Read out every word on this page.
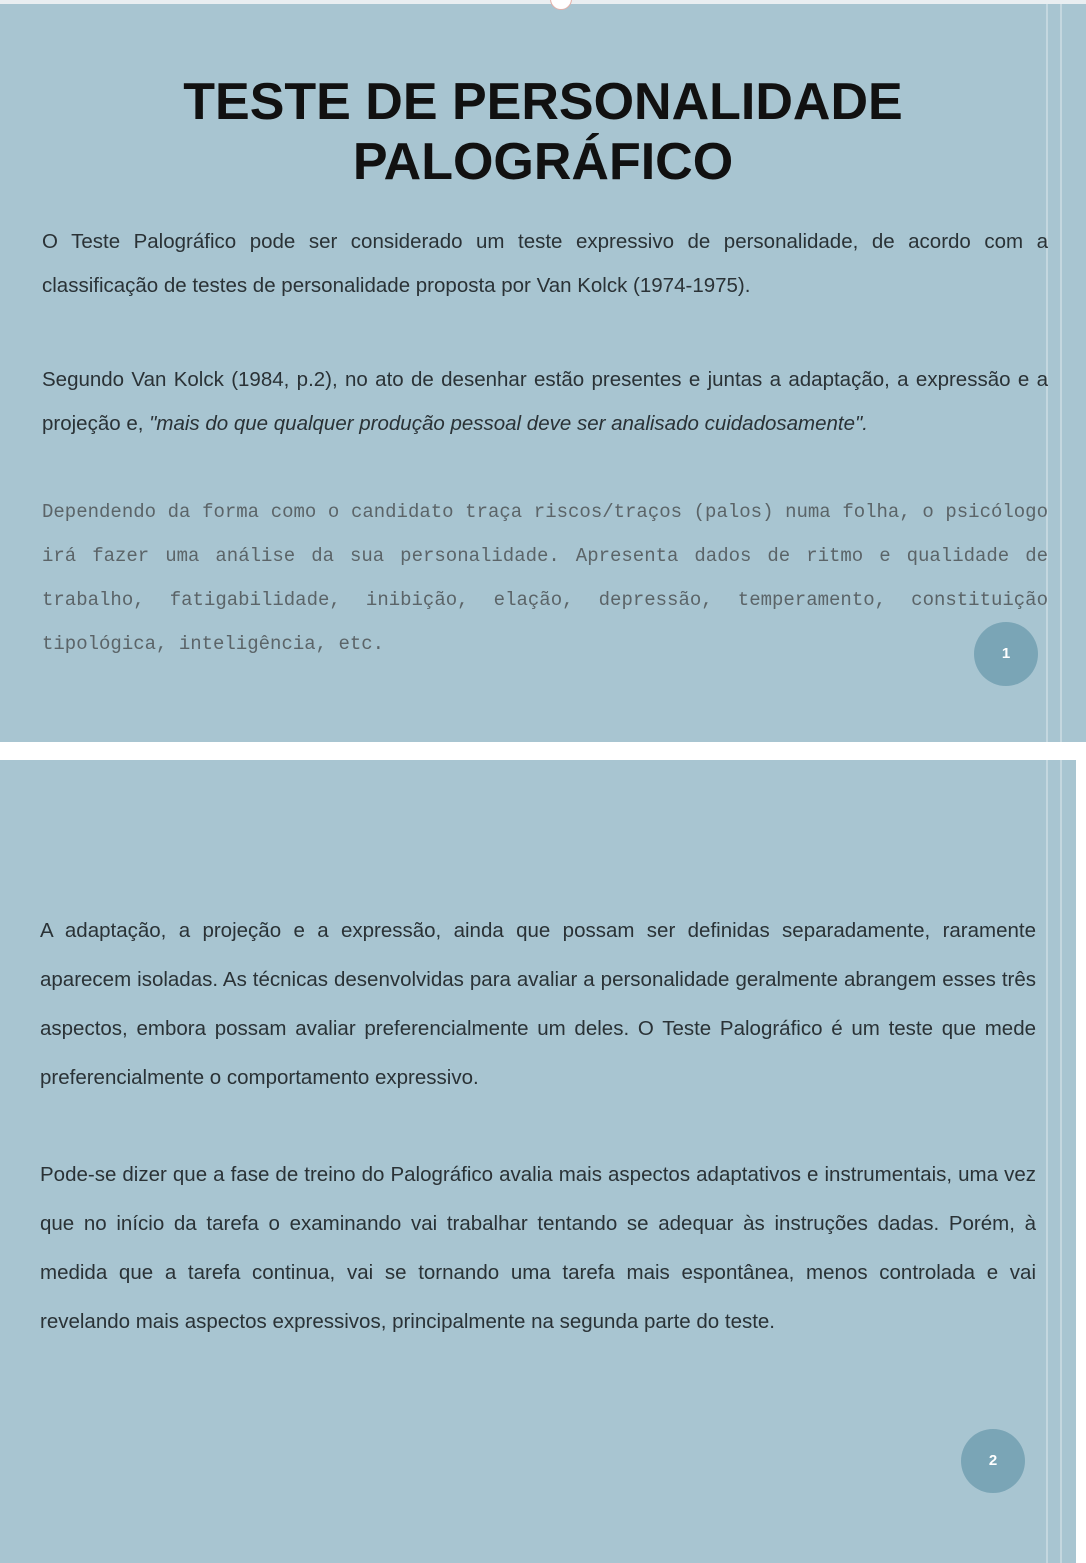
TESTE DE PERSONALIDADE
PALOGRÁFICO

O Teste Palográfico pode ser considerado um teste expressivo de personalidade, de acordo com a classificação de testes de personalidade proposta por Van Kolck (1974-1975).

Segundo Van Kolck (1984, p.2), no ato de desenhar estão presentes e juntas a adaptação, a expressão e a projeção e, "mais do que qualquer produção pessoal deve ser analisado cuidadosamente".

Dependendo da forma como o candidato traça riscos/traços (palos) numa folha, o psicólogo irá fazer uma análise da sua personalidade. Apresenta dados de ritmo e qualidade de trabalho, fatigabilidade, inibição, elação, depressão, temperamento, constituição tipológica, inteligência, etc.	1

A adaptação, a projeção e a expressão, ainda que possam ser definidas separadamente, raramente aparecem isoladas. As técnicas desenvolvidas para avaliar a personalidade geralmente abrangem esses três aspectos, embora possam avaliar preferencialmente um deles. O Teste Palográfico é um teste que mede preferencialmente o comportamento expressivo.

Pode-se dizer que a fase de treino do Palográfico avalia mais aspectos adaptativos e instrumentais, uma vez que no início da tarefa o examinando vai trabalhar tentando se adequar às instruções dadas. Porém, à medida que a tarefa continua, vai se tornando uma tarefa mais espontânea, menos controlada e vai revelando mais aspectos expressivos, principalmente na segunda parte do teste.

2
